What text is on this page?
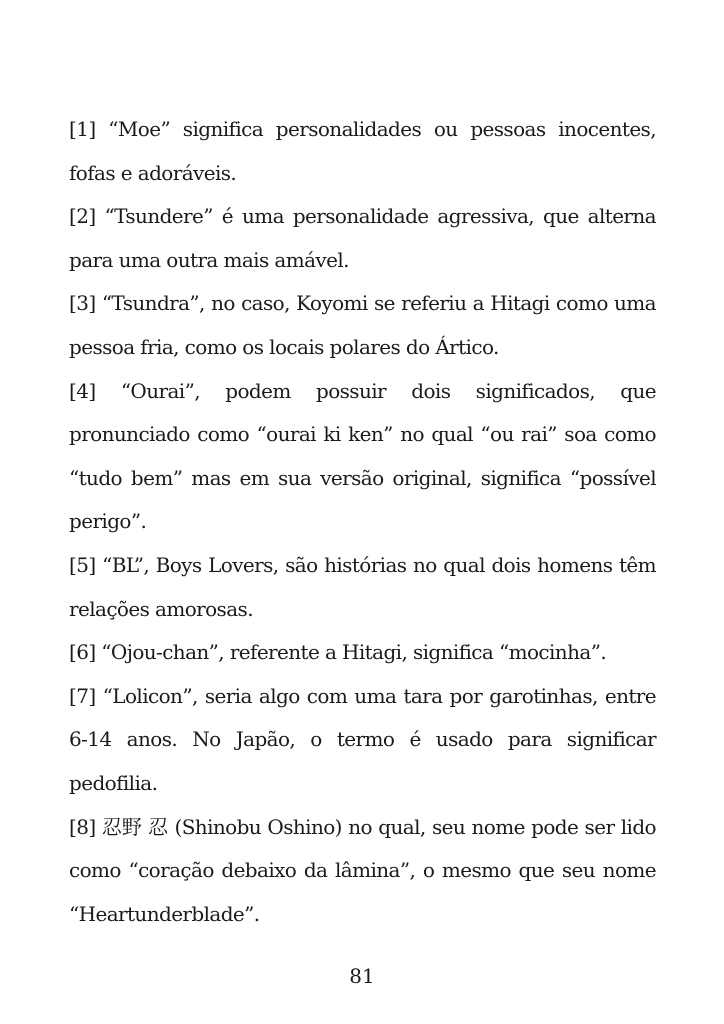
[1] “Moe” significa personalidades ou pessoas inocentes, fofas e adoráveis.

[2] “Tsundere” é uma personalidade agressiva, que alterna para uma outra mais amável.

[3] “Tsundra”, no caso, Koyomi se referiu a Hitagi como uma pessoa fria, como os locais polares do Ártico.

[4] “Ourai”, podem possuir dois significados, que pronunciado como “ourai ki ken” no qual “ou rai” soa como “tudo bem” mas em sua versão original, significa “possível perigo”.

[5] “BL”, Boys Lovers, são histórias no qual dois homens têm relações amorosas.

[6] “Ojou-chan”, referente a Hitagi, significa “mocinha”.

[7] “Lolicon”, seria algo com uma tara por garotinhas, entre 6-14 anos. No Japão, o termo é usado para significar pedofilia.

[8] 忍野 忍 (Shinobu Oshino) no qual, seu nome pode ser lido como “coração debaixo da lâmina”, o mesmo que seu nome “Heartunderblade”.

81
